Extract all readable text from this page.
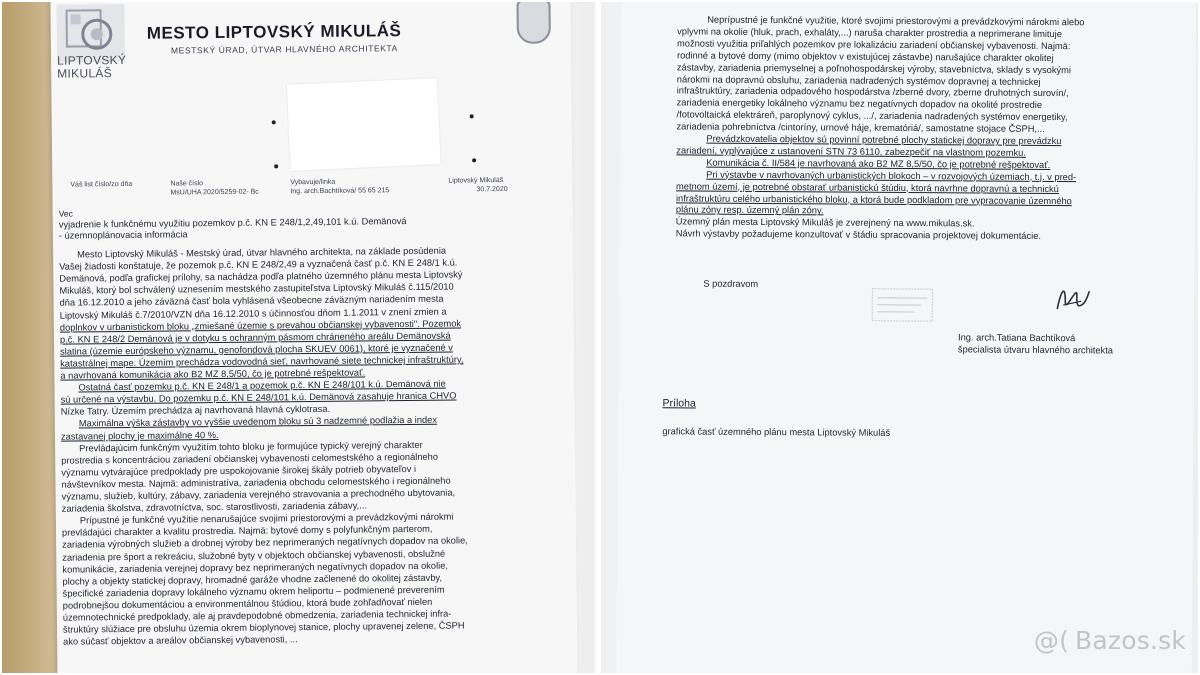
LIPTOVSKÝ
MIKULÁŠ
MESTO LIPTOVSKÝ MIKULÁŠ
MESTSKÝ ÚRAD, ÚTVAR HLAVNÉHO ARCHITEKTA
Váš list číslo/zo dňa	Naše číslo
MsU/UHA 2020/5259-02- Bc
Vybavuje/linka
Ing. arch.Bachtíková/ 55 65 215
Liptovský Mikuláš
30.7.2020
Vec
vyjadrenie k funkčnému využitiu pozemkov p.č. KN E 248/1,2,49,101 k.ú. Demänová
- územnoplánovacia informácia
Mesto Liptovský Mikuláš - Mestský úrad, útvar hlavného architekta, na základe posúdenia
Vašej žiadosti konštatuje, že pozemok p.č. KN E 248/2,49 a vyznačená časť p.č. KN E 248/1 k.ú.
Demänová, podľa grafickej prílohy, sa nachádza podľa platného územného plánu mesta Liptovský
Mikuláš, ktorý bol schválený uznesením mestského zastupiteľstva Liptovský Mikuláš č.115/2010
dňa 16.12.2010 a jeho záväzná časť bola vyhlásená všeobecne záväzným nariadením mesta
Liptovský Mikuláš č.7/2010/VZN dňa 16.12.2010 s účinnosťou dňom 1.1.2011 v znení zmien a
doplnkov v urbanistickom bloku „zmiešané územie s prevahou občianskej vybavenosti". Pozemok
p.č. KN E 248/2 Demänová je v dotyku s ochranným pásmom chráneného areálu Demänovská
slatina (územie európskeho významu, genofondová plocha SKUEV 0061), ktoré je vyznačené v
katastrálnej mape. Územím prechádza vodovodná sieť, navrhované siete technickej infraštruktúry,
a navrhovaná komunikácia ako B2 MZ 8,5/50, čo je potrebné rešpektovať.
Ostatná časť pozemku p.č. KN E 248/1 a pozemok p.č. KN E 248/101 k.ú. Demänová nie
sú určené na výstavbu. Do pozemku p.č. KN E 248/101 k.ú. Demänová zasahuje hranica CHVO
Nízke Tatry. Územím prechádza aj navrhovaná hlavná cyklotrasa.
Maximálna výška zástavby vo vyššie uvedenom bloku sú 3 nadzemné podlažia a index
zastavanej plochy je maximálne 40 %.
Prevládajúcim funkčným využitím tohto bloku je formujúce typický verejný charakter
prostredia s koncentráciou zariadení občianskej vybavenosti celomestského a regionálneho
významu vytvárajúce predpoklady pre uspokojovanie širokej škály potrieb obyvateľov i
návštevníkov mesta. Najmä: administratíva, zariadenia obchodu celomestského i regionálneho
významu, služieb, kultúry, zábavy, zariadenia verejného stravovania a prechodného ubytovania,
zariadenia školstva, zdravotníctva, soc. starostlivosti, zariadenia zábavy,...
Prípustné je funkčné využitie nenarušajúce svojimi priestorovými a prevádzkovými nárokmi
prevládajúci charakter a kvalitu prostredia. Najmä: bytové domy s polyfunkčným parterom,
zariadenia výrobných služieb a drobnej výroby bez neprimeraných negatívnych dopadov na okolie,
zariadenia pre šport a rekreáciu, služobné byty v objektoch občianskej vybavenosti, obslužné
komunikácie, zariadenia verejnej dopravy bez neprimeraných negatívnych dopadov na okolie,
plochy a objekty statickej dopravy, hromadné garáže vhodne začlenené do okolitej zástavby,
špecifické zariadenia dopravy lokálneho významu okrem heliportu – podmienené preverením
podrobnejšou dokumentáciou a environmentálnou štúdiou, ktorá bude zohľadňovať nielen
územnotechnické predpoklady, ale aj pravdepodobné obmedzenia, zariadenia technickej infra-
štruktúry slúžiace pre obsluhu územia okrem bioplynovej stanice, plochy upravenej zelene, ČSPH
ako súčasť objektov a areálov občianskej vybavenosti, ...
Neprípustné je funkčné využitie, ktoré svojimi priestorovými a prevádzkovými nárokmi alebo
vplyvmi na okolie (hluk, prach, exhaláty,...) naruša charakter prostredia a neprimerane limituje
možnosti využitia priľahlých pozemkov pre lokalizáciu zariadení občianskej vybavenosti. Najmä:
rodinné a bytové domy (mimo objektov v existujúcej zástavbe) narušajúce charakter okolitej
zástavby, zariadenia priemyselnej a poľnohospodárskej výroby, stavebníctva, sklady s vysokými
nárokmi na dopravnú obsluhu, zariadenia nadradených systémov dopravnej a technickej
infraštruktúry, zariadenia odpadového hospodárstva /zberné dvory, zberne druhotných surovín/,
zariadenia energetiky lokálneho významu bez negatívnych dopadov na okolité prostredie
/fotovoltaická elektráreň, paroplynový cyklus, .../, zariadenia nadradených systémov energetiky,
zariadenia pohrebníctva /cintoríny, urnové háje, krematóriá/, samostatne stojace ČSPH,...
Prevádzkovatelia objektov sú povinní potrebné plochy statickej dopravy pre prevádzku
zariadení, vyplývajúce z ustanovení STN 73 6110, zabezpečiť na vlastnom pozemku.
Komunikácia č. II/584 je navrhovaná ako B2 MZ 8,5/50, čo je potrebné rešpektovať.
Pri výstavbe v navrhovaných urbanistických blokoch – v rozvojových územiach, t.j. v pred-
metnom území, je potrebné obstarať urbanistickú štúdiu, ktorá navrhne dopravnú a technickú
infraštruktúru celého urbanistického bloku, a ktorá bude podkladom pre vypracovanie územného
plánu zóny resp. územný plán zóny.
Územný plán mesta Liptovský Mikuláš je zverejnený na www.mikulas.sk.
Návrh výstavby požadujeme konzultovať v štádiu spracovania projektovej dokumentácie.
S pozdravom
Ing. arch.Tatiana Bachtíková
špecialista útvaru hlavného architekta
Príloha
grafická časť územného plánu mesta Liptovský Mikuláš
@( Bazos.sk
